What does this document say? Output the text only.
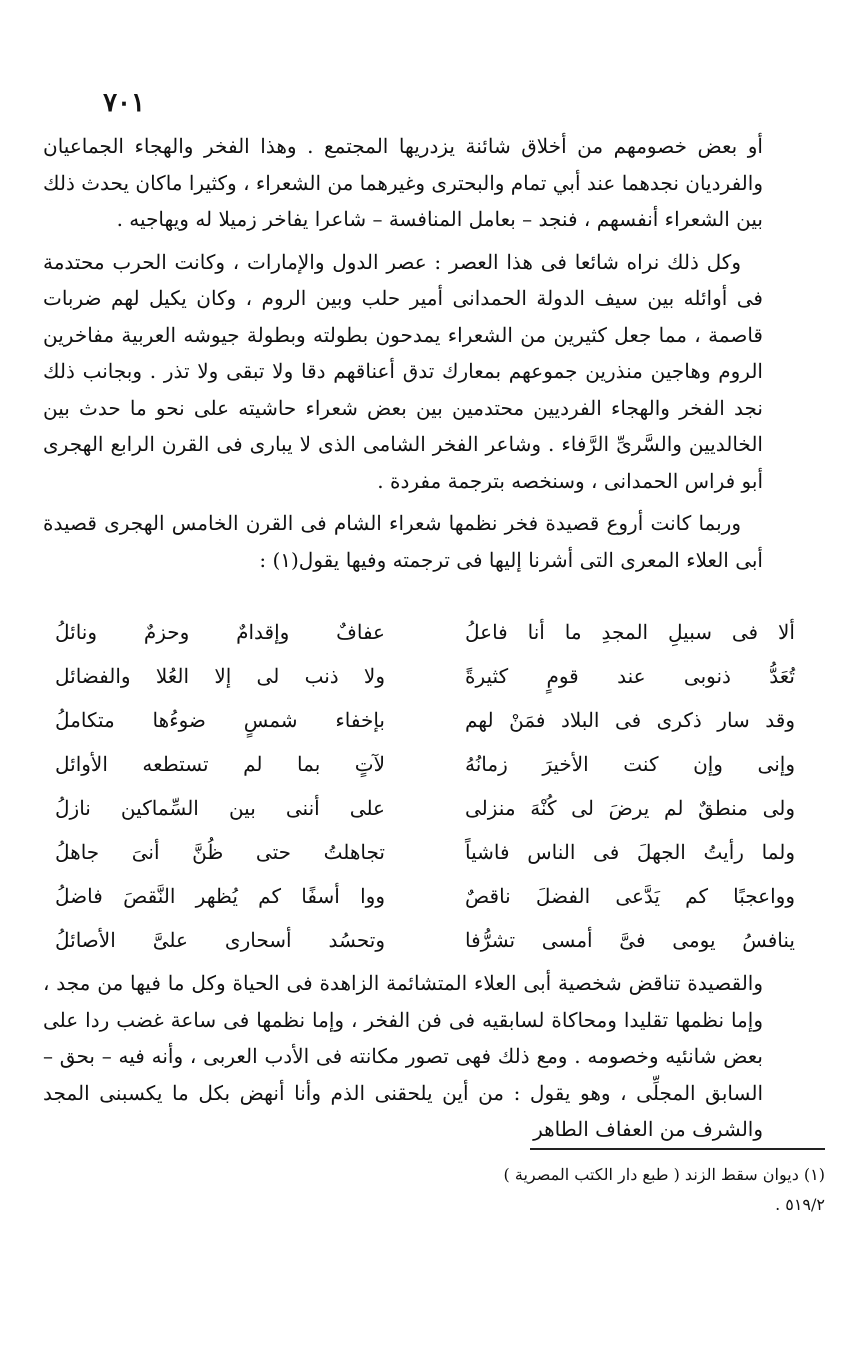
٧٠١

أو بعض خصومهم من أخلاق شائنة يزدريها المجتمع . وهذا الفخر والهجاء الجماعيان والفرديان نجدهما عند أبي تمام والبحترى وغيرهما من الشعراء ، وكثيرا ماكان يحدث ذلك بين الشعراء أنفسهم ، فنجد – بعامل المنافسة – شاعرا يفاخر زميلا له ويهاجيه .

وكل ذلك نراه شائعا فى هذا العصر : عصر الدول والإمارات ، وكانت الحرب محتدمة فى أوائله بين سيف الدولة الحمدانى أمير حلب وبين الروم ، وكان يكيل لهم ضربات قاصمة ، مما جعل كثيرين من الشعراء يمدحون بطولته وبطولة جيوشه العربية مفاخرين الروم وهاجين منذرين جموعهم بمعارك تدق أعناقهم دقا ولا تبقى ولا تذر . وبجانب ذلك نجد الفخر والهجاء الفرديين محتدمين بين بعض شعراء حاشيته على نحو ما حدث بين الخالديين والسَّرىِّ الرَّفاء . وشاعر الفخر الشامى الذى لا يبارى فى القرن الرابع الهجرى أبو فراس الحمدانى ، وسنخصه بترجمة مفردة .

وربما كانت أروع قصيدة فخر نظمها شعراء الشام فى القرن الخامس الهجرى قصيدة أبى العلاء المعرى التى أشرنا إليها فى ترجمته وفيها يقول(١) :

ألا فى سبيلِ المجدِ ما أنا فاعلُ
عفافٌ وإقدامٌ وحزمٌ ونائلُ
تُعَدُّ ذنوبى عند قومٍ كثيرةً
ولا ذنب لى إلا العُلا والفضائل
وقد سار ذكرى فى البلاد فمَنْ لهم
بإخفاء شمسٍ ضوءُها متكاملُ
وإنى وإن كنت الأخيرَ زمانُهُ
لآتٍ بما لم تستطعه الأوائل
ولى منطقٌ لم يرضَ لى كُنْهَ منزلى
على أننى بين السِّماكين نازلُ
ولما رأيتُ الجهلَ فى الناس فاشياً
تجاهلتُ حتى ظُنَّ أنىَ جاهلُ
وواعجبًا كم يَدَّعى الفضلَ ناقصٌ
ووا أسفًا كم يُظهر النَّقصَ فاضلُ
ينافسُ يومى فىَّ أمسى تشرُّفا
وتحسُد أسحارى علىَّ الأصائلُ

والقصيدة تناقض شخصية أبى العلاء المتشائمة الزاهدة فى الحياة وكل ما فيها من مجد ، وإما نظمها تقليدا ومحاكاة لسابقيه فى فن الفخر ، وإما نظمها فى ساعة غضب ردا على بعض شانئيه وخصومه . ومع ذلك فهى تصور مكانته فى الأدب العربى ، وأنه فيه – بحق – السابق المجلِّى ، وهو يقول : من أين يلحقنى الذم وأنا أنهض بكل ما يكسبنى المجد والشرف من العفاف الطاهر

(١) ديوان سقط الزند ( طبع دار الكتب المصرية )
٥١٩/٢ .
